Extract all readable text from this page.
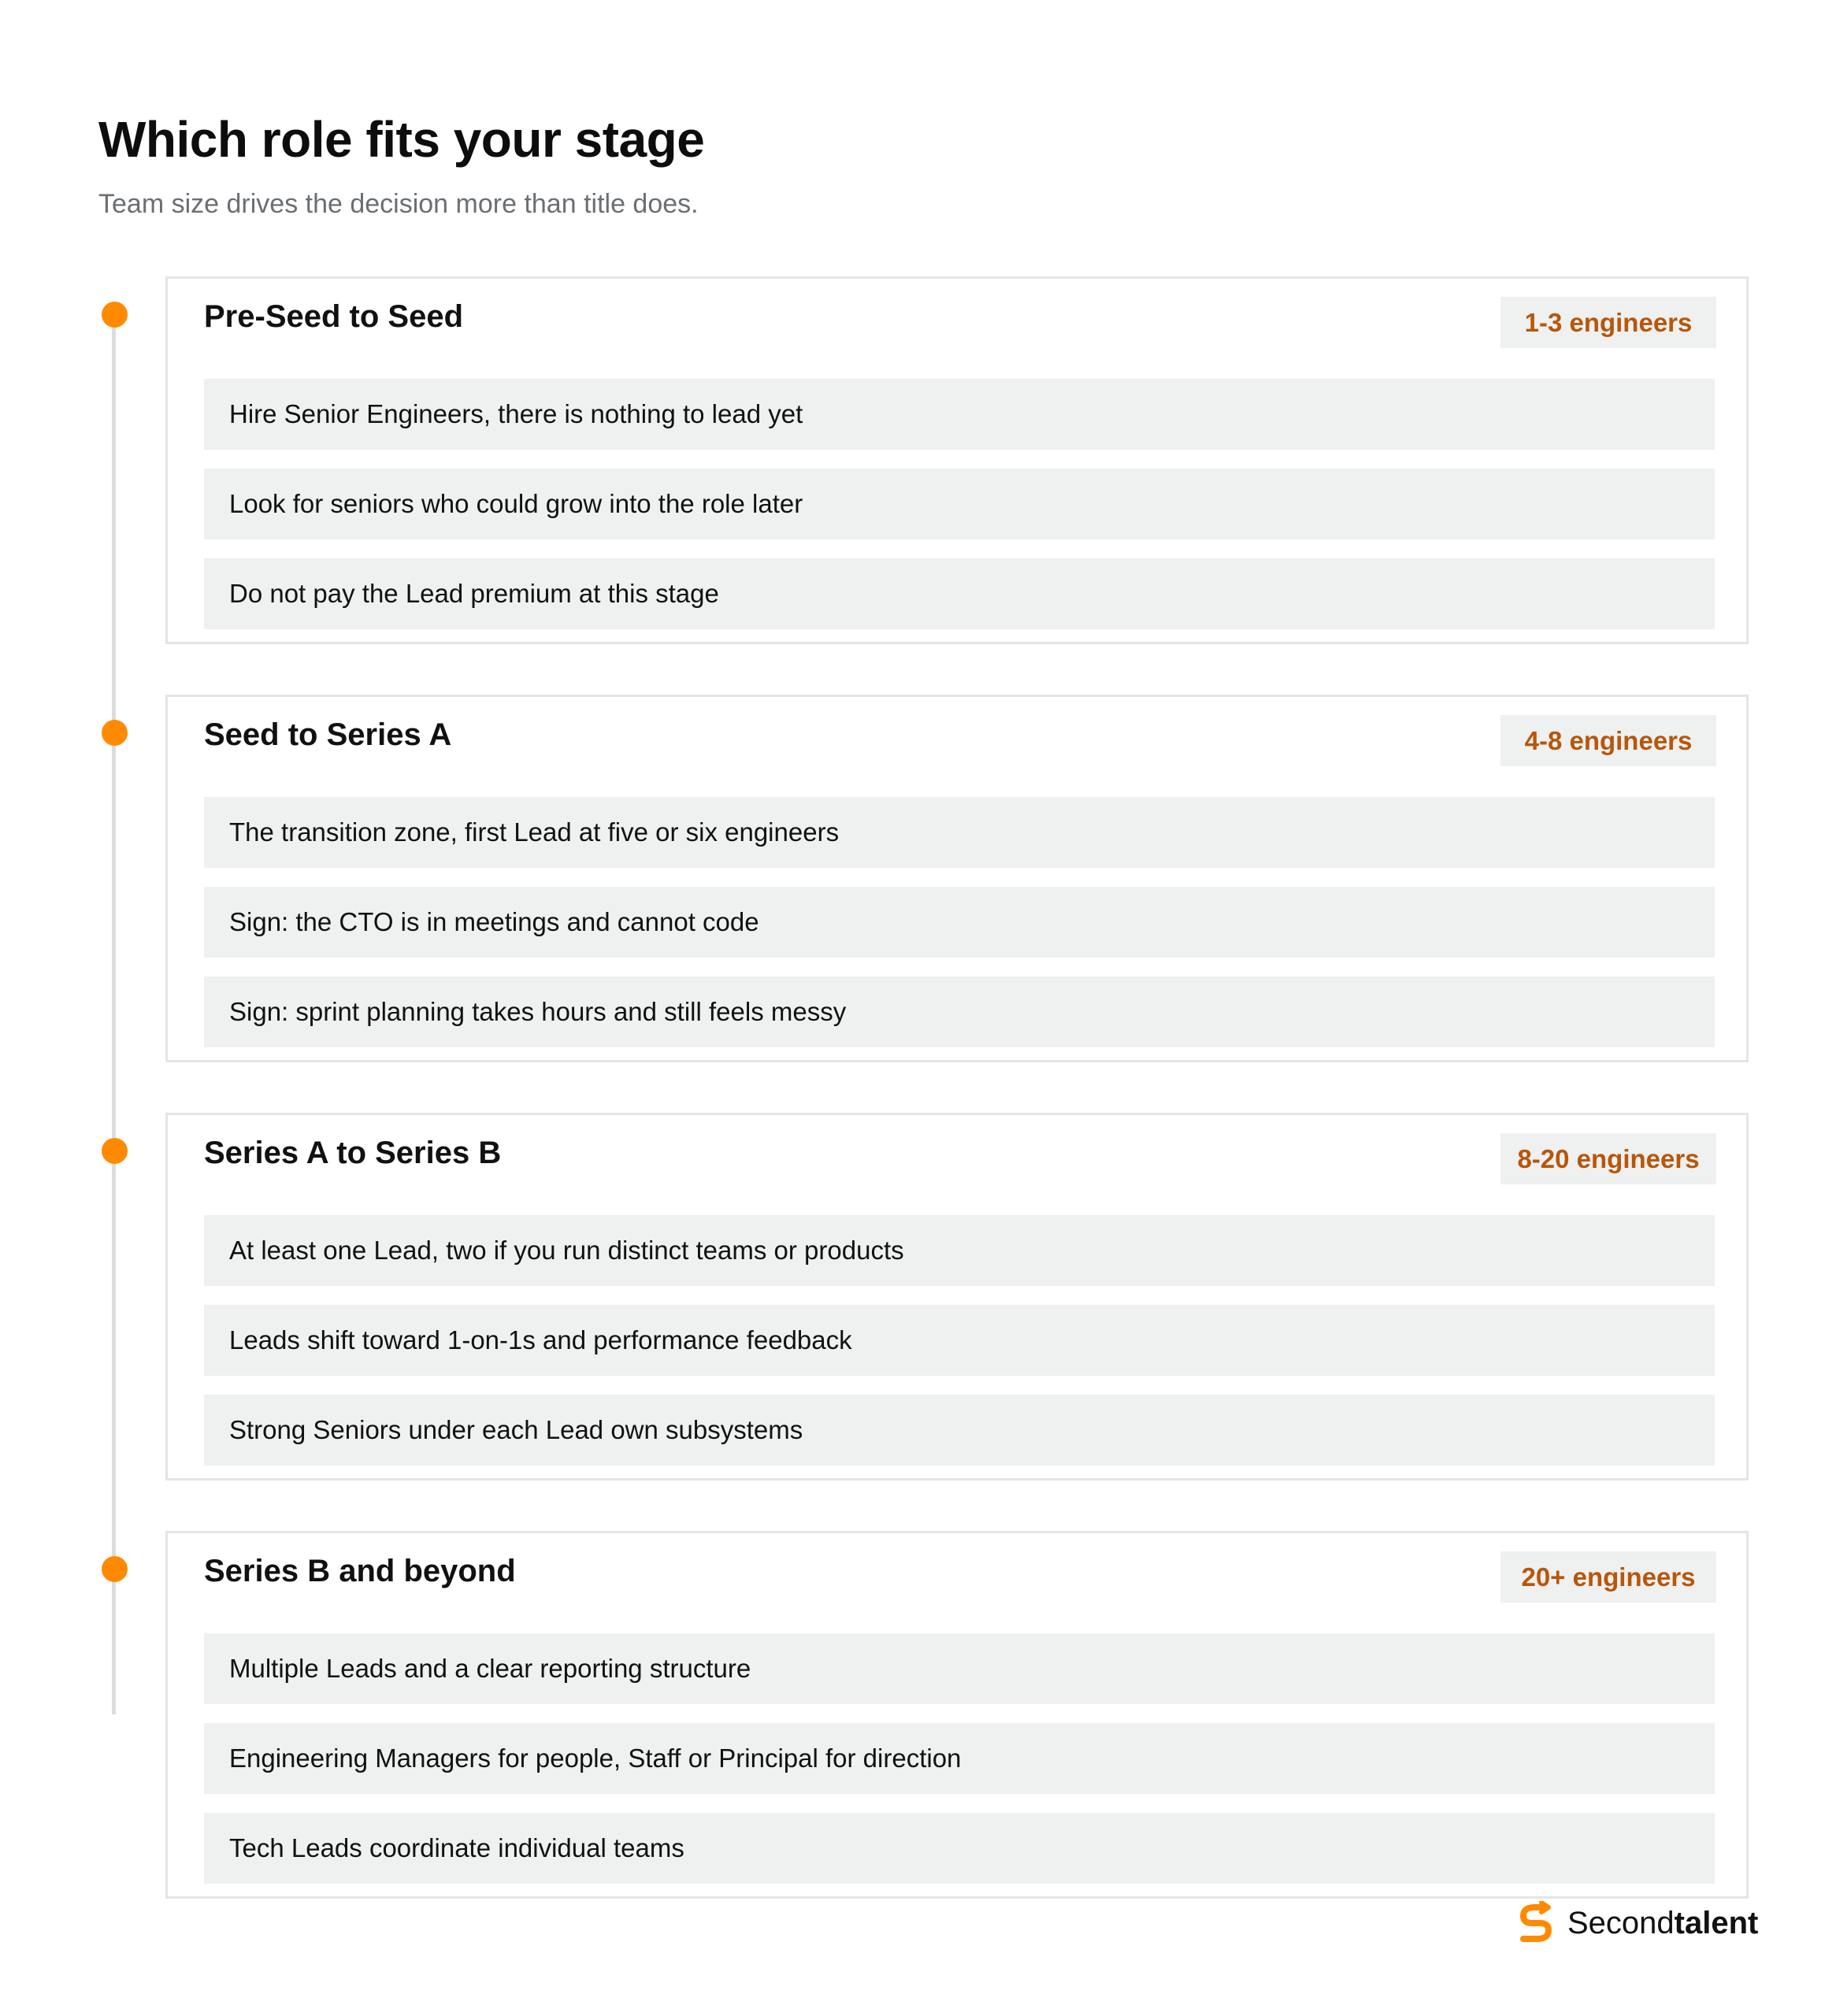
Which role fits your stage

Team size drives the decision more than title does.

Pre-Seed to Seed	1-3 engineers
Hire Senior Engineers, there is nothing to lead yet
Look for seniors who could grow into the role later
Do not pay the Lead premium at this stage
Seed to Series A	4-8 engineers
The transition zone, first Lead at five or six engineers
Sign: the CTO is in meetings and cannot code
Sign: sprint planning takes hours and still feels messy
Series A to Series B	8-20 engineers
At least one Lead, two if you run distinct teams or products
Leads shift toward 1-on-1s and performance feedback
Strong Seniors under each Lead own subsystems
Series B and beyond	20+ engineers
Multiple Leads and a clear reporting structure
Engineering Managers for people, Staff or Principal for direction
Tech Leads coordinate individual teams
Secondtalent
